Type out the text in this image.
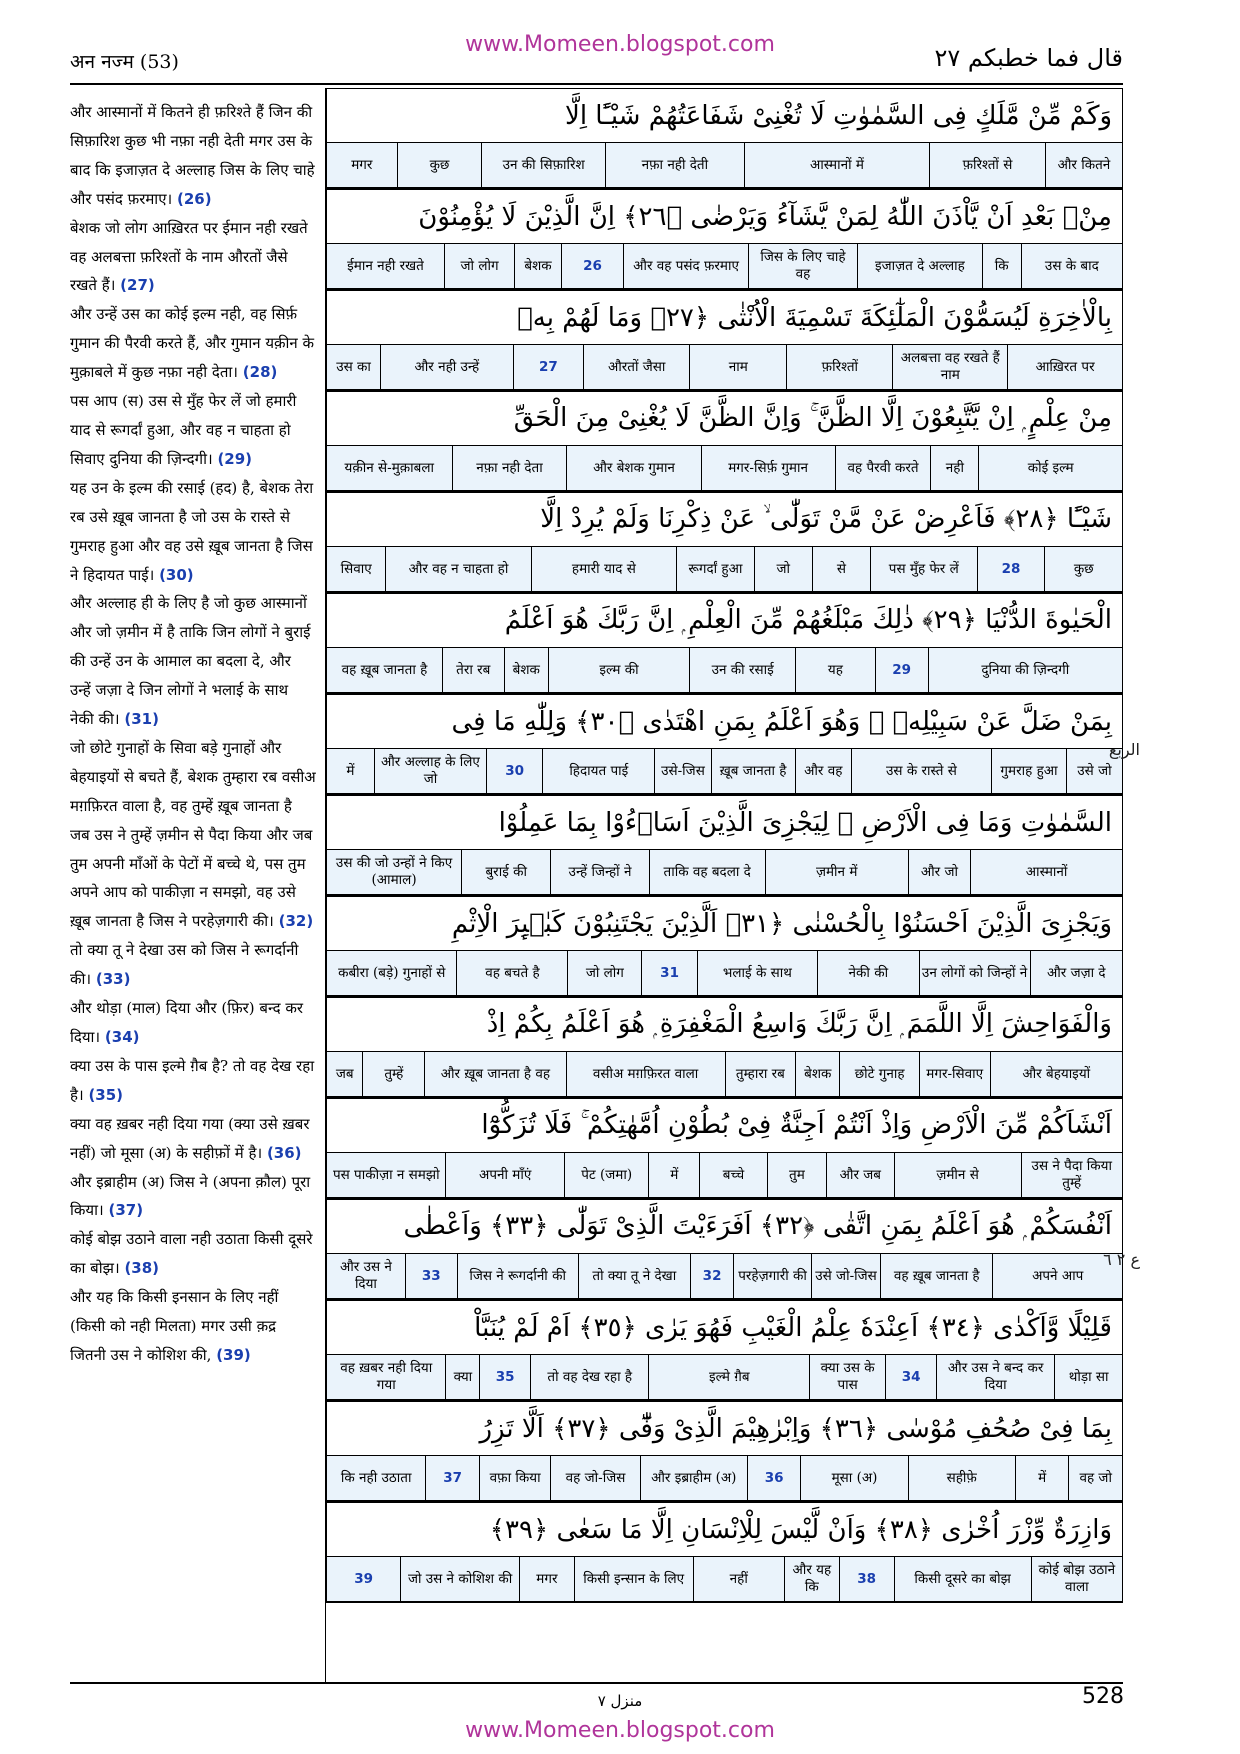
www.Momeen.blogspot.com
अन नज्म (53)	قال فما خطبکم ۲۷

और आस्मानों में कितने ही फ़रिश्ते हैं जिन की सिफ़ारिश कुछ भी नफ़ा नही देती मगर उस के बाद कि इजाज़त दे अल्लाह जिस के लिए चाहे और पसंद फ़रमाए। (26)

बेशक जो लोग आख़िरत पर ईमान नही रखते वह अलबत्ता फ़रिश्तों के नाम औरतों जैसे रखते हैं। (27)

और उन्हें उस का कोई इल्म नही, वह सिर्फ़ गुमान की पैरवी करते हैं, और गुमान यक़ीन के मुक़ाबले में कुछ नफ़ा नही देता। (28)

पस आप (स) उस से मुँह फेर लें जो हमारी याद से रूगर्दां हुआ, और वह न चाहता हो सिवाए दुनिया की ज़िन्दगी। (29)

यह उन के इल्म की रसाई (हद) है, बेशक तेरा रब उसे ख़ूब जानता है जो उस के रास्ते से गुमराह हुआ और वह उसे ख़ूब जानता है जिस ने हिदायत पाई। (30)

और अल्लाह ही के लिए है जो कुछ आस्मानों और जो ज़मीन में है ताकि जिन लोगों ने बुराई की उन्हें उन के आमाल का बदला दे, और उन्हें जज़ा दे जिन लोगों ने भलाई के साथ नेकी की। (31)

जो छोटे गुनाहों के सिवा बड़े गुनाहों और बेहयाइयों से बचते हैं, बेशक तुम्हारा रब वसीअ मग़फ़िरत वाला है, वह तुम्हें ख़ूब जानता है जब उस ने तुम्हें ज़मीन से पैदा किया और जब तुम अपनी माँओं के पेटों में बच्चे थे, पस तुम अपने आप को पाकीज़ा न समझो, वह उसे ख़ूब जानता है जिस ने परहेज़गारी की। (32)

तो क्या तू ने देखा उस को जिस ने रूगर्दानी की। (33)

और थोड़ा (माल) दिया और (फ़िर) बन्द कर दिया। (34)

क्या उस के पास इल्मे ग़ैब है? तो वह देख रहा है। (35)

क्या वह ख़बर नही दिया गया (क्या उसे ख़बर नहीं) जो मूसा (अ) के सहीफ़ों में है। (36)

और इब्राहीम (अ) जिस ने (अपना क़ौल) पूरा किया। (37)

कोई बोझ उठाने वाला नही उठाता किसी दूसरे का बोझ। (38)

और यह कि किसी इनसान के लिए नहीं (किसी को नही मिलता) मगर उसी क़द्र जितनी उस ने कोशिश की, (39)

وَكَمْ مِّنْ مَّلَكٍ فِى السَّمٰوٰتِ لَا تُغْنِىْ شَفَاعَتُهُمْ شَيْـًٔا اِلَّا
और कितने
फ़रिश्तों से
आस्मानों में
नफ़ा नही देती
उन की सिफ़ारिश
कुछ
मगर
مِنْۢ بَعْدِ اَنْ يَّاْذَنَ اللّٰهُ لِمَنْ يَّشَآءُ وَيَرْضٰى ﴿٢٦﴾ اِنَّ الَّذِيْنَ لَا يُؤْمِنُوْنَ
उस के बाद
कि
इजाज़त दे अल्लाह
जिस के लिए चाहे वह
और वह पसंद फ़रमाए
26
बेशक
जो लोग
ईमान नही रखते
بِالْاٰخِرَةِ لَيُسَمُّوْنَ الْمَلٰٓئِكَةَ تَسْمِيَةَ الْاُنْثٰى ﴿٢٧﴾ وَمَا لَهُمْ بِهٖ
आख़िरत पर
अलबत्ता वह रखते हैं नाम
फ़रिश्तों
नाम
औरतों जैसा
27
और नही उन्हें
उस का
مِنْ عِلْمٍ ۭ اِنْ يَّتَّبِعُوْنَ اِلَّا الظَّنَّ ۚ وَاِنَّ الظَّنَّ لَا يُغْنِىْ مِنَ الْحَقِّ
कोई इल्म
नही
वह पैरवी करते
मगर-सिर्फ़ गुमान
और बेशक गुमान
नफ़ा नही देता
यक़ीन से-मुक़ाबला
شَيْـًٔا ﴿٢٨﴾ فَاَعْرِضْ عَنْ مَّنْ تَوَلّٰى ۙ عَنْ ذِكْرِنَا وَلَمْ يُرِدْ اِلَّا
कुछ
28
पस मुँह फेर लें
से
जो
रूगर्दां हुआ
हमारी याद से
और वह न चाहता हो
सिवाए
الْحَيٰوةَ الدُّنْيَا ﴿٢٩﴾ ذٰلِكَ مَبْلَغُهُمْ مِّنَ الْعِلْمِ ۭ اِنَّ رَبَّكَ هُوَ اَعْلَمُ
दुनिया की ज़िन्दगी
29
यह
उन की रसाई
इल्म की
बेशक
तेरा रब
वह ख़ूब जानता है
بِمَنْ ضَلَّ عَنْ سَبِيْلِهٖ ۙ وَهُوَ اَعْلَمُ بِمَنِ اهْتَدٰى ﴿٣٠﴾ وَلِلّٰهِ مَا فِى
उसे जो
गुमराह हुआ
उस के रास्ते से
और वह
ख़ूब जानता है
उसे-जिस
हिदायत पाई
30
और अल्लाह के लिए जो
में
السَّمٰوٰتِ وَمَا فِى الْاَرْضِ ۙ لِيَجْزِىَ الَّذِيْنَ اَسَاۗءُوْا بِمَا عَمِلُوْا
आस्मानों
और जो
ज़मीन में
ताकि वह बदला दे
उन्हें जिन्हों ने
बुराई की
उस की जो उन्हों ने किए (आमाल)
وَيَجْزِىَ الَّذِيْنَ اَحْسَنُوْا بِالْحُسْنٰى ﴿٣١﴾ اَلَّذِيْنَ يَجْتَنِبُوْنَ كَبٰۗىِٕرَ الْاِثْمِ
और जज़ा दे
उन लोगों को जिन्हों ने
नेकी की
भलाई के साथ
31
जो लोग
वह बचते है
कबीरा (बड़े) गुनाहों से
وَالْفَوَاحِشَ اِلَّا اللَّمَمَ ۭ اِنَّ رَبَّكَ وَاسِعُ الْمَغْفِرَةِ ۭ هُوَ اَعْلَمُ بِكُمْ اِذْ
और बेहयाइयों
मगर-सिवाए
छोटे गुनाह
बेशक
तुम्हारा रब
वसीअ मग़फ़िरत वाला
और ख़ूब जानता है वह
तुम्हें
जब
اَنْشَاَكُمْ مِّنَ الْاَرْضِ وَاِذْ اَنْتُمْ اَجِنَّةٌ فِىْ بُطُوْنِ اُمَّهٰتِكُمْ ۚ فَلَا تُزَكُّوْٓا
उस ने पैदा किया तुम्हें
ज़मीन से
और जब
तुम
बच्चे
में
पेट (जमा)
अपनी माँएं
पस पाकीज़ा न समझो
اَنْفُسَكُمْ ۭ هُوَ اَعْلَمُ بِمَنِ اتَّقٰى ﴿٣٢﴾ اَفَرَءَيْتَ الَّذِىْ تَوَلّٰى ﴿٣٣﴾ وَاَعْطٰى
अपने आप
वह ख़ूब जानता है
उसे जो-जिस
परहेज़गारी की
32
तो क्या तू ने देखा
जिस ने रूगर्दानी की
33
और उस ने दिया
قَلِيْلًا وَّاَكْدٰى ﴿٣٤﴾ اَعِنْدَهٗ عِلْمُ الْغَيْبِ فَهُوَ يَرٰى ﴿٣٥﴾ اَمْ لَمْ يُنَبَّاْ
थोड़ा सा
और उस ने बन्द कर दिया
34
क्या उस के पास
इल्मे ग़ैब
तो वह देख रहा है
35
क्या
वह ख़बर नही दिया गया
بِمَا فِىْ صُحُفِ مُوْسٰى ﴿٣٦﴾ وَاِبْرٰهِيْمَ الَّذِىْ وَفّٰٓى ﴿٣٧﴾ اَلَّا تَزِرُ
वह जो
में
सहीफ़े
मूसा (अ)
36
और इब्राहीम (अ)
वह जो-जिस
वफ़ा किया
37
कि नही उठाता
وَازِرَةٌ وِّزْرَ اُخْرٰى ﴿٣٨﴾ وَاَنْ لَّيْسَ لِلْاِنْسَانِ اِلَّا مَا سَعٰى ﴿٣٩﴾
कोई बोझ उठाने वाला
किसी दूसरे का बोझ
38
और यह कि
नहीं
किसी इन्सान के लिए
मगर
जो उस ने कोशिश की
39
الربع
ع ٢ ٦
منزل ۷	528
www.Momeen.blogspot.com
